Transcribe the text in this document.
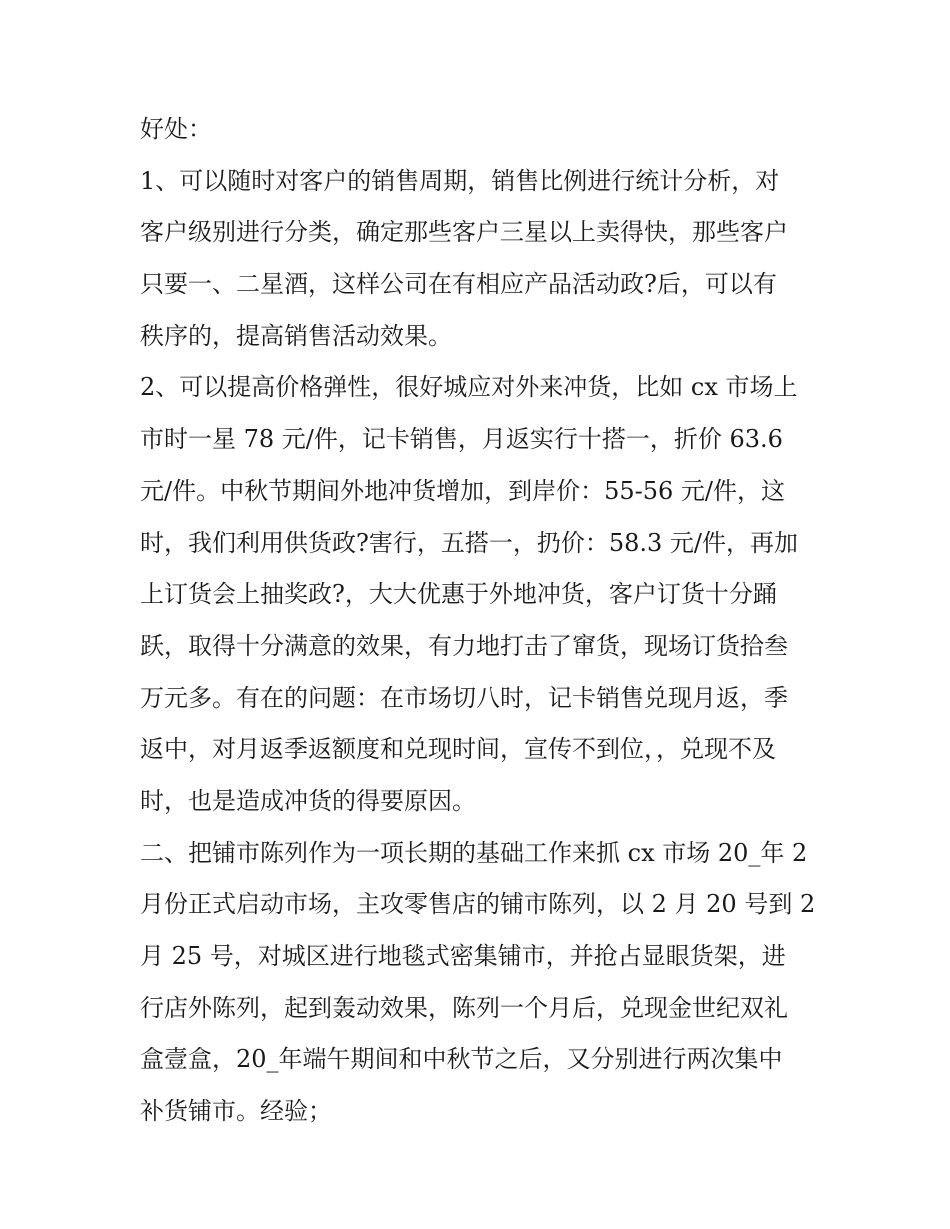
好处：
1、可以随时对客户的销售周期，销售比例进行统计分析，对
客户级别进行分类，确定那些客户三星以上卖得快，那些客户
只要一、二星酒，这样公司在有相应产品活动政?后，可以有
秩序的，提高销售活动效果。
2、可以提高价格弹性，很好城应对外来冲货，比如 cx 市场上
市时一星 78 元/件，记卡销售，月返实行十搭一，折价 63.6
元/件。中秋节期间外地冲货增加，到岸价：55-56 元/件，这
时，我们利用供货政?害行，五搭一，扔价：58.3 元/件，再加
上订货会上抽奖政?，大大优惠于外地冲货，客户订货十分踊
跃，取得十分满意的效果，有力地打击了窜货，现场订货拾叁
万元多。有在的问题：在市场切八时，记卡销售兑现月返，季
返中，对月返季返额度和兑现时间，宣传不到位，，兑现不及
时，也是造成冲货的得要原因。
二、把铺市陈列作为一项长期的基础工作来抓 cx 市场 20_年 2
月份正式启动市场，主攻零售店的铺市陈列，以 2 月 20 号到 2
月 25 号，对城区进行地毯式密集铺市，并抢占显眼货架，进
行店外陈列，起到轰动效果，陈列一个月后，兑现金世纪双礼
盒壹盒，20_年端午期间和中秋节之后，又分别进行两次集中
补货铺市。经验；
